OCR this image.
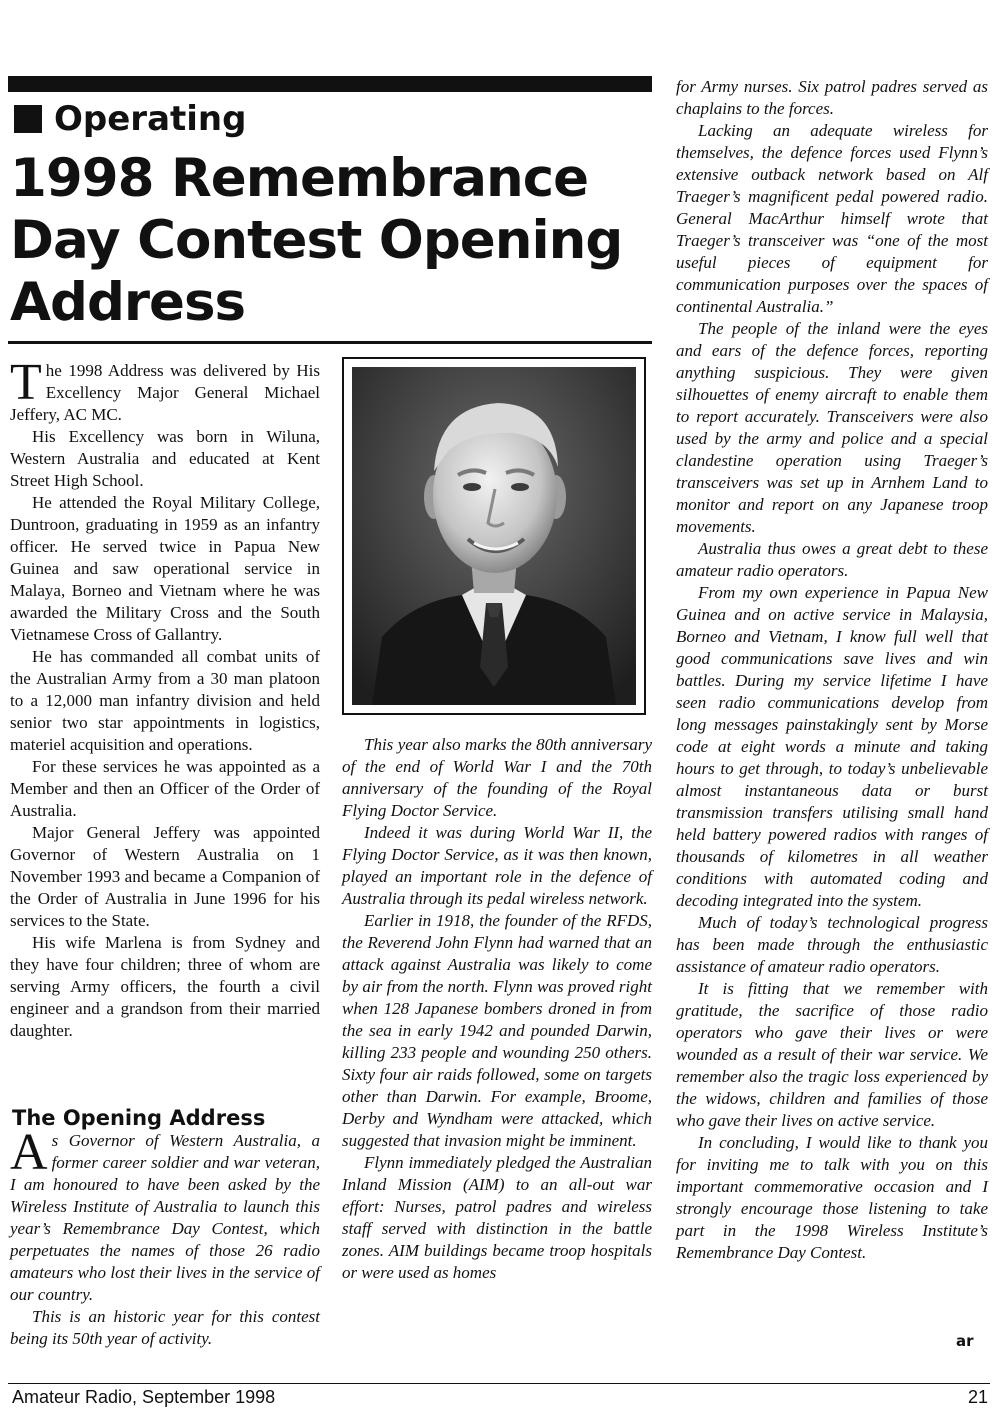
Operating
1998 Remembrance
Day Contest Opening
Address

The 1998 Address was delivered by His Excellency Major General Michael Jeffery, AC MC.

His Excellency was born in Wiluna, Western Australia and educated at Kent Street High School.

He attended the Royal Military College, Duntroon, graduating in 1959 as an infantry officer. He served twice in Papua New Guinea and saw operational service in Malaya, Borneo and Vietnam where he was awarded the Military Cross and the South Vietnamese Cross of Gallantry.

He has commanded all combat units of the Australian Army from a 30 man platoon to a 12,000 man infantry division and held senior two star appointments in logistics, materiel acquisition and operations.

For these services he was appointed as a Member and then an Officer of the Order of Australia.

Major General Jeffery was appointed Governor of Western Australia on 1 November 1993 and became a Companion of the Order of Australia in June 1996 for his services to the State.

His wife Marlena is from Sydney and they have four children; three of whom are serving Army officers, the fourth a civil engineer and a grandson from their married daughter.

The Opening Address

As Governor of Western Australia, a former career soldier and war veteran, I am honoured to have been asked by the Wireless Institute of Australia to launch this year’s Remembrance Day Contest, which perpetuates the names of those 26 radio amateurs who lost their lives in the service of our country.

This is an historic year for this contest being its 50th year of activity.

This year also marks the 80th anniversary of the end of World War I and the 70th anniversary of the founding of the Royal Flying Doctor Service.

Indeed it was during World War II, the Flying Doctor Service, as it was then known, played an important role in the defence of Australia through its pedal wireless network.

Earlier in 1918, the founder of the RFDS, the Reverend John Flynn had warned that an attack against Australia was likely to come by air from the north. Flynn was proved right when 128 Japanese bombers droned in from the sea in early 1942 and pounded Darwin, killing 233 people and wounding 250 others. Sixty four air raids followed, some on targets other than Darwin. For example, Broome, Derby and Wyndham were attacked, which suggested that invasion might be imminent.

Flynn immediately pledged the Australian Inland Mission (AIM) to an all-out war effort: Nurses, patrol padres and wireless staff served with distinction in the battle zones. AIM buildings became troop hospitals or were used as homes

for Army nurses. Six patrol padres served as chaplains to the forces.

Lacking an adequate wireless for themselves, the defence forces used Flynn’s extensive outback network based on Alf Traeger’s magnificent pedal powered radio. General MacArthur himself wrote that Traeger’s transceiver was “one of the most useful pieces of equipment for communication purposes over the spaces of continental Australia.”

The people of the inland were the eyes and ears of the defence forces, reporting anything suspicious. They were given silhouettes of enemy aircraft to enable them to report accurately. Transceivers were also used by the army and police and a special clandestine operation using Traeger’s transceivers was set up in Arnhem Land to monitor and report on any Japanese troop movements.

Australia thus owes a great debt to these amateur radio operators.

From my own experience in Papua New Guinea and on active service in Malaysia, Borneo and Vietnam, I know full well that good communications save lives and win battles. During my service lifetime I have seen radio communications develop from long messages painstakingly sent by Morse code at eight words a minute and taking hours to get through, to today’s unbelievable almost instantaneous data or burst transmission transfers utilising small hand held battery powered radios with ranges of thousands of kilometres in all weather conditions with automated coding and decoding integrated into the system.

Much of today’s technological progress has been made through the enthusiastic assistance of amateur radio operators.

It is fitting that we remember with gratitude, the sacrifice of those radio operators who gave their lives or were wounded as a result of their war service. We remember also the tragic loss experienced by the widows, children and families of those who gave their lives on active service.

In concluding, I would like to thank you for inviting me to talk with you on this important commemorative occasion and I strongly encourage those listening to take part in the 1998 Wireless Institute’s Remembrance Day Contest.

ar
Amateur Radio, September 1998	21
